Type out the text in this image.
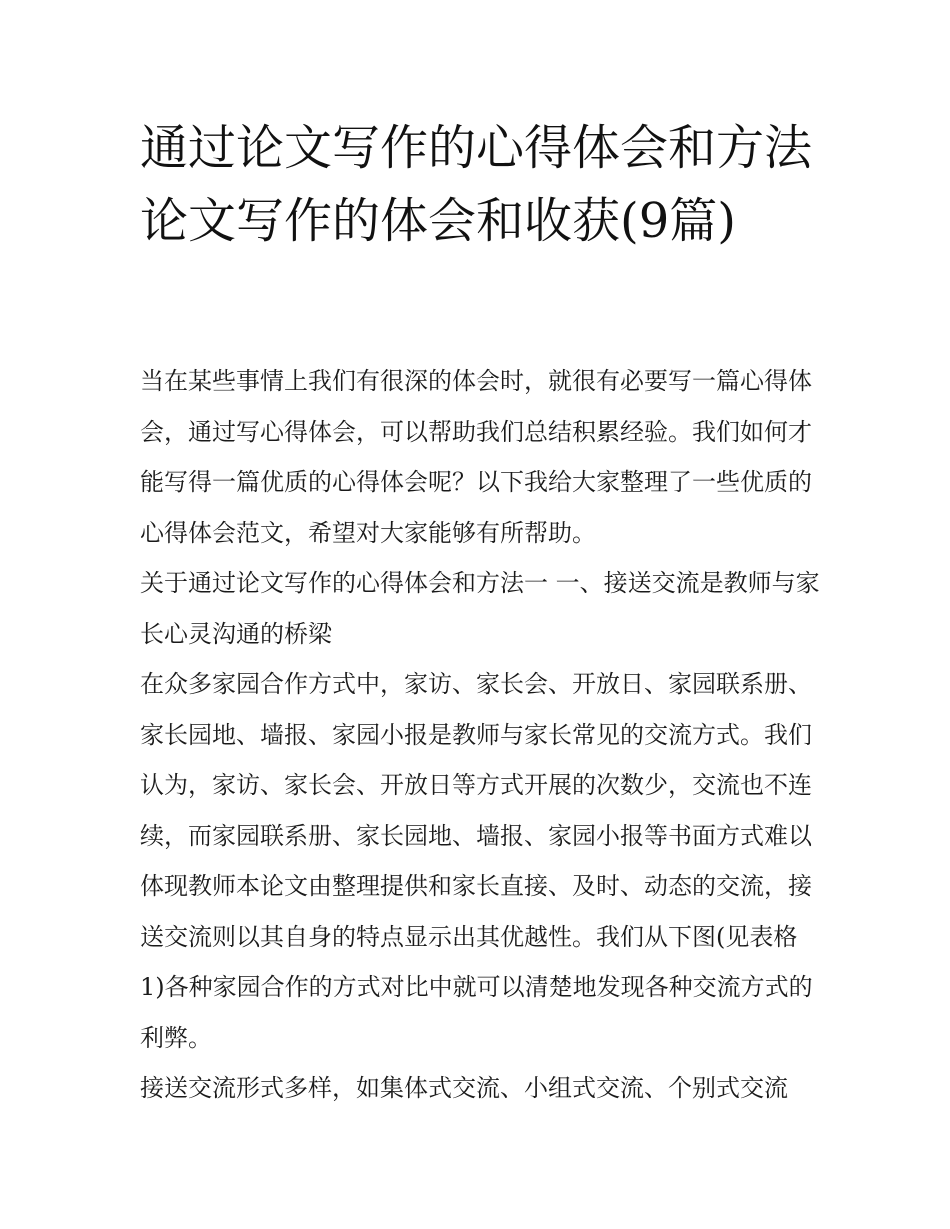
通过论文写作的心得体会和方法 论文写作的体会和收获(9篇)

当在某些事情上我们有很深的体会时，就很有必要写一篇心得体会，通过写心得体会，可以帮助我们总结积累经验。我们如何才能写得一篇优质的心得体会呢？以下我给大家整理了一些优质的心得体会范文，希望对大家能够有所帮助。

关于通过论文写作的心得体会和方法一 一、接送交流是教师与家长心灵沟通的桥梁

在众多家园合作方式中，家访、家长会、开放日、家园联系册、家长园地、墙报、家园小报是教师与家长常见的交流方式。我们认为，家访、家长会、开放日等方式开展的次数少，交流也不连续，而家园联系册、家长园地、墙报、家园小报等书面方式难以体现教师本论文由整理提供和家长直接、及时、动态的交流，接送交流则以其自身的特点显示出其优越性。我们从下图(见表格1)各种家园合作的方式对比中就可以清楚地发现各种交流方式的利弊。

接送交流形式多样，如集体式交流、小组式交流、个别式交流
